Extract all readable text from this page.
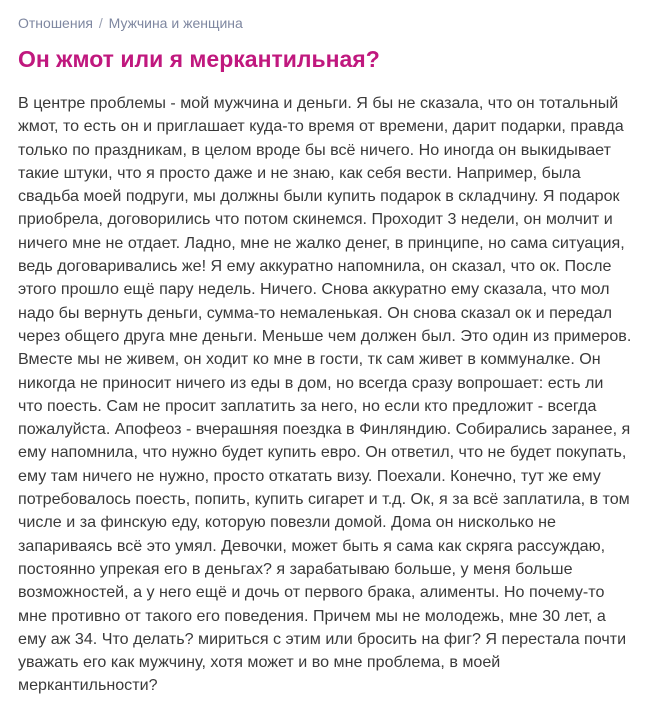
Отношения / Мужчина и женщина
Он жмот или я меркантильная?
В центре проблемы - мой мужчина и деньги. Я бы не сказала, что он тотальный
жмот, то есть он и приглашает куда-то время от времени, дарит подарки, правда
только по праздникам, в целом вроде бы всё ничего. Но иногда он выкидывает
такие штуки, что я просто даже и не знаю, как себя вести. Например, была
свадьба моей подруги, мы должны были купить подарок в складчину. Я подарок
приобрела, договорились что потом скинемся. Проходит 3 недели, он молчит и
ничего мне не отдает. Ладно, мне не жалко денег, в принципе, но сама ситуация,
ведь договаривались же! Я ему аккуратно напомнила, он сказал, что ок. После
этого прошло ещё пару недель. Ничего. Снова аккуратно ему сказала, что мол
надо бы вернуть деньги, сумма-то немаленькая. Он снова сказал ок и передал
через общего друга мне деньги. Меньше чем должен был. Это один из примеров.
Вместе мы не живем, он ходит ко мне в гости, тк сам живет в коммуналке. Он
никогда не приносит ничего из еды в дом, но всегда сразу вопрошает: есть ли
что поесть. Сам не просит заплатить за него, но если кто предложит - всегда
пожалуйста. Апофеоз - вчерашняя поездка в Финляндию. Собирались заранее, я
ему напомнила, что нужно будет купить евро. Он ответил, что не будет покупать,
ему там ничего не нужно, просто откатать визу. Поехали. Конечно, тут же ему
потребовалось поесть, попить, купить сигарет и т.д. Ок, я за всё заплатила, в том
числе и за финскую еду, которую повезли домой. Дома он нисколько не
запариваясь всё это умял. Девочки, может быть я сама как скряга рассуждаю,
постоянно упрекая его в деньгах? я зарабатываю больше, у меня больше
возможностей, а у него ещё и дочь от первого брака, алименты. Но почему-то
мне противно от такого его поведения. Причем мы не молодежь, мне 30 лет, а
ему аж 34. Что делать? мириться с этим или бросить на фиг? Я перестала почти
уважать его как мужчину, хотя может и во мне проблема, в моей
меркантильности?
